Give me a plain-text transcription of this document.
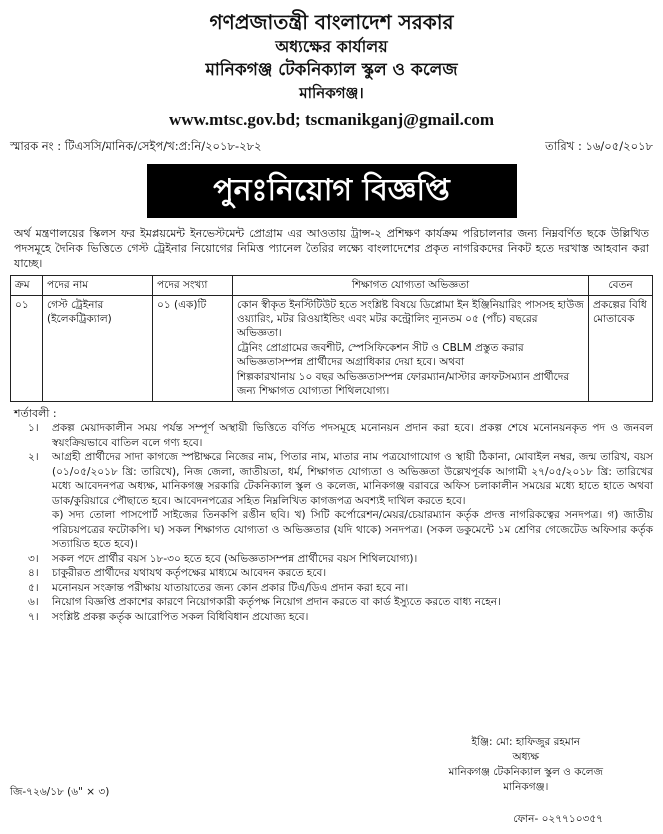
গণপ্রজাতন্ত্রী বাংলাদেশ সরকার
অধ্যক্ষের কার্যালয়
মানিকগঞ্জ টেকনিক্যাল স্কুল ও কলেজ
মানিকগঞ্জ।
www.mtsc.gov.bd; tscmanikganj@gmail.com
স্মারক নং : টিএসসি/মানিক/সেইপ/খ:প্র:নি/২০১৮-২৮২	তারিখ : ১৬/০৫/২০১৮
পুনঃনিয়োগ বিজ্ঞপ্তি
অর্থ মন্ত্রণালয়ের স্কিলস ফর ইমপ্লয়মেন্ট ইনভেস্টমেন্ট প্রোগ্রাম এর আওতায় ট্রান্স-২ প্রশিক্ষণ কার্যক্রম পরিচালনার জন্য নিম্নবর্ণিত ছকে উল্লিখিত পদসমূহে দৈনিক ভিত্তিতে গেস্ট ট্রেইনার নিয়োগের নিমিত্ত প্যানেল তৈরির লক্ষ্যে বাংলাদেশের প্রকৃত নাগরিকদের নিকট হতে দরখাস্ত আহবান করা যাচ্ছে।
ক্রম	পদের নাম	পদের সংখ্যা	শিক্ষাগত যোগ্যতা অভিজ্ঞতা	বেতন
০১	গেস্ট ট্রেইনার (ইলেকট্রিক্যাল)	০১ (এক)টি	কোন স্বীকৃত ইনস্টিটিউট হতে সংশ্লিষ্ট বিষয়ে ডিপ্লোমা ইন ইঞ্জিনিয়ারিং পাসসহ হাউজ ওয়্যারিং, মটর রিওয়াইন্ডিং এবং মটর কন্ট্রোলিং ন্যূনতম ০৫ (পাঁচ) বছরের অভিজ্ঞতা।

ট্রেনিং প্রোগ্রামের জবশীট, স্পেসিফিকেশন সীট ও CBLM প্রস্তুত করার অভিজ্ঞতাসম্পন্ন প্রার্থীদের অগ্রাধিকার দেয়া হবে। অথবা

শিল্পকারখানায় ১০ বছর অভিজ্ঞতাসম্পন্ন ফোরম্যান/মাস্টার ক্রাফটসম্যান প্রার্থীদের জন্য শিক্ষাগত যোগ্যতা শিথিলযোগ্য।	প্রকল্পের বিধি মোতাবেক
শর্তাবলী :
১।	প্রকল্প মেয়াদকালীন সময় পর্যন্ত সম্পূর্ণ অস্থায়ী ভিত্তিতে বর্ণিত পদসমূহে মনোনয়ন প্রদান করা হবে। প্রকল্প শেষে মনোনয়নকৃত পদ ও জনবল স্বয়ংক্রিয়ভাবে বাতিল বলে গণ্য হবে।
২।	আগ্রহী প্রার্থীদের সাদা কাগজে স্পষ্টাক্ষরে নিজের নাম, পিতার নাম, মাতার নাম পত্রযোগাযোগ ও স্থায়ী ঠিকানা, মোবাইল নম্বর, জন্ম তারিখ, বয়স (০১/০৫/২০১৮ খ্রি: তারিখে), নিজ জেলা, জাতীয়তা, ধর্ম, শিক্ষাগত যোগ্যতা ও অভিজ্ঞতা উল্লেখপূর্বক আগামী ২৭/০৫/২০১৮ খ্রি: তারিখের মধ্যে আবেদনপত্র অধ্যক্ষ, মানিকগঞ্জ সরকারি টেকনিক্যাল স্কুল ও কলেজ, মানিকগঞ্জ বরাবরে অফিস চলাকালীন সময়ের মধ্যে হাতে হাতে অথবা ডাক/কুরিয়ারে পৌছাতে হবে। আবেদনপত্রের সহিত নিম্নলিখিত কাগজপত্র অবশ্যই দাখিল করতে হবে।
ক) সদ্য তোলা পাসপোর্ট সাইজের তিনকপি রঙীন ছবি। খ) সিটি কর্পোরেশন/মেয়র/চেয়ারম্যান কর্তৃক প্রদত্ত নাগরিকত্বের সনদপত্র। গ) জাতীয় পরিচয়পত্রের ফটোকপি। ঘ) সকল শিক্ষাগত যোগ্যতা ও অভিজ্ঞতার (যদি থাকে) সনদপত্র। (সকল ডকুমেন্টে ১ম শ্রেণির গেজেটেড অফিসার কর্তৃক সত্যায়িত হতে হবে)।
৩।	সকল পদে প্রার্থীর বয়স ১৮-৩০ হতে হবে (অভিজ্ঞতাসম্পন্ন প্রার্থীদের বয়স শিথিলযোগ্য)।
৪।	চাকুরীরত প্রার্থীদের যথাযথ কর্তৃপক্ষের মাধ্যমে আবেদন করতে হবে।
৫।	মনোনয়ন সংক্রান্ত পরীক্ষায় যাতায়াতের জন্য কোন প্রকার টিএ/ডিএ প্রদান করা হবে না।
৬।	নিয়োগ বিজ্ঞপ্তি প্রকাশের কারণে নিয়োগকারী কর্তৃপক্ষ নিয়োগ প্রদান করতে বা কার্ড ইস্যুতে করতে বাধ্য নহেন।
৭।	সংশ্লিষ্ট প্রকল্প কর্তৃক আরোপিত সকল বিধিবিধান প্রযোজ্য হবে।
ইঞ্জি: মো: হাফিজুর রহমান
অধ্যক্ষ
মানিকগঞ্জ টেকনিক্যাল স্কুল ও কলেজ
মানিকগঞ্জ।
জি-৭২৬/১৮ (৬" × ৩)
ফোন- ০২৭৭১০৩৫৭
